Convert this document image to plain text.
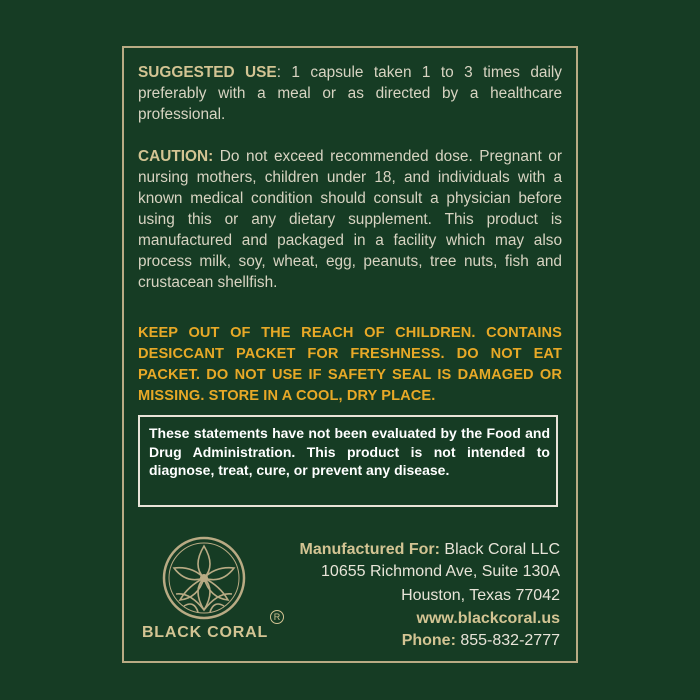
SUGGESTED USE: 1 capsule taken 1 to 3 times daily preferably with a meal or as directed by a healthcare professional.
CAUTION: Do not exceed recommended dose. Pregnant or nursing mothers, children under 18, and individuals with a known medical condition should consult a physician before using this or any dietary supplement. This product is manufactured and packaged in a facility which may also process milk, soy, wheat, egg, peanuts, tree nuts, fish and crustacean shellfish.
KEEP OUT OF THE REACH OF CHILDREN. CONTAINS DESICCANT PACKET FOR FRESHNESS. DO NOT EAT PACKET. DO NOT USE IF SAFETY SEAL IS DAMAGED OR MISSING. STORE IN A COOL, DRY PLACE.
These statements have not been evaluated by the Food and Drug Administration. This product is not intended to diagnose, treat, cure, or prevent any disease.
BLACK CORAL
R
Manufactured For: Black Coral LLC
10655 Richmond Ave, Suite 130A
Houston, Texas 77042
www.blackcoral.us
Phone: 855-832-2777
